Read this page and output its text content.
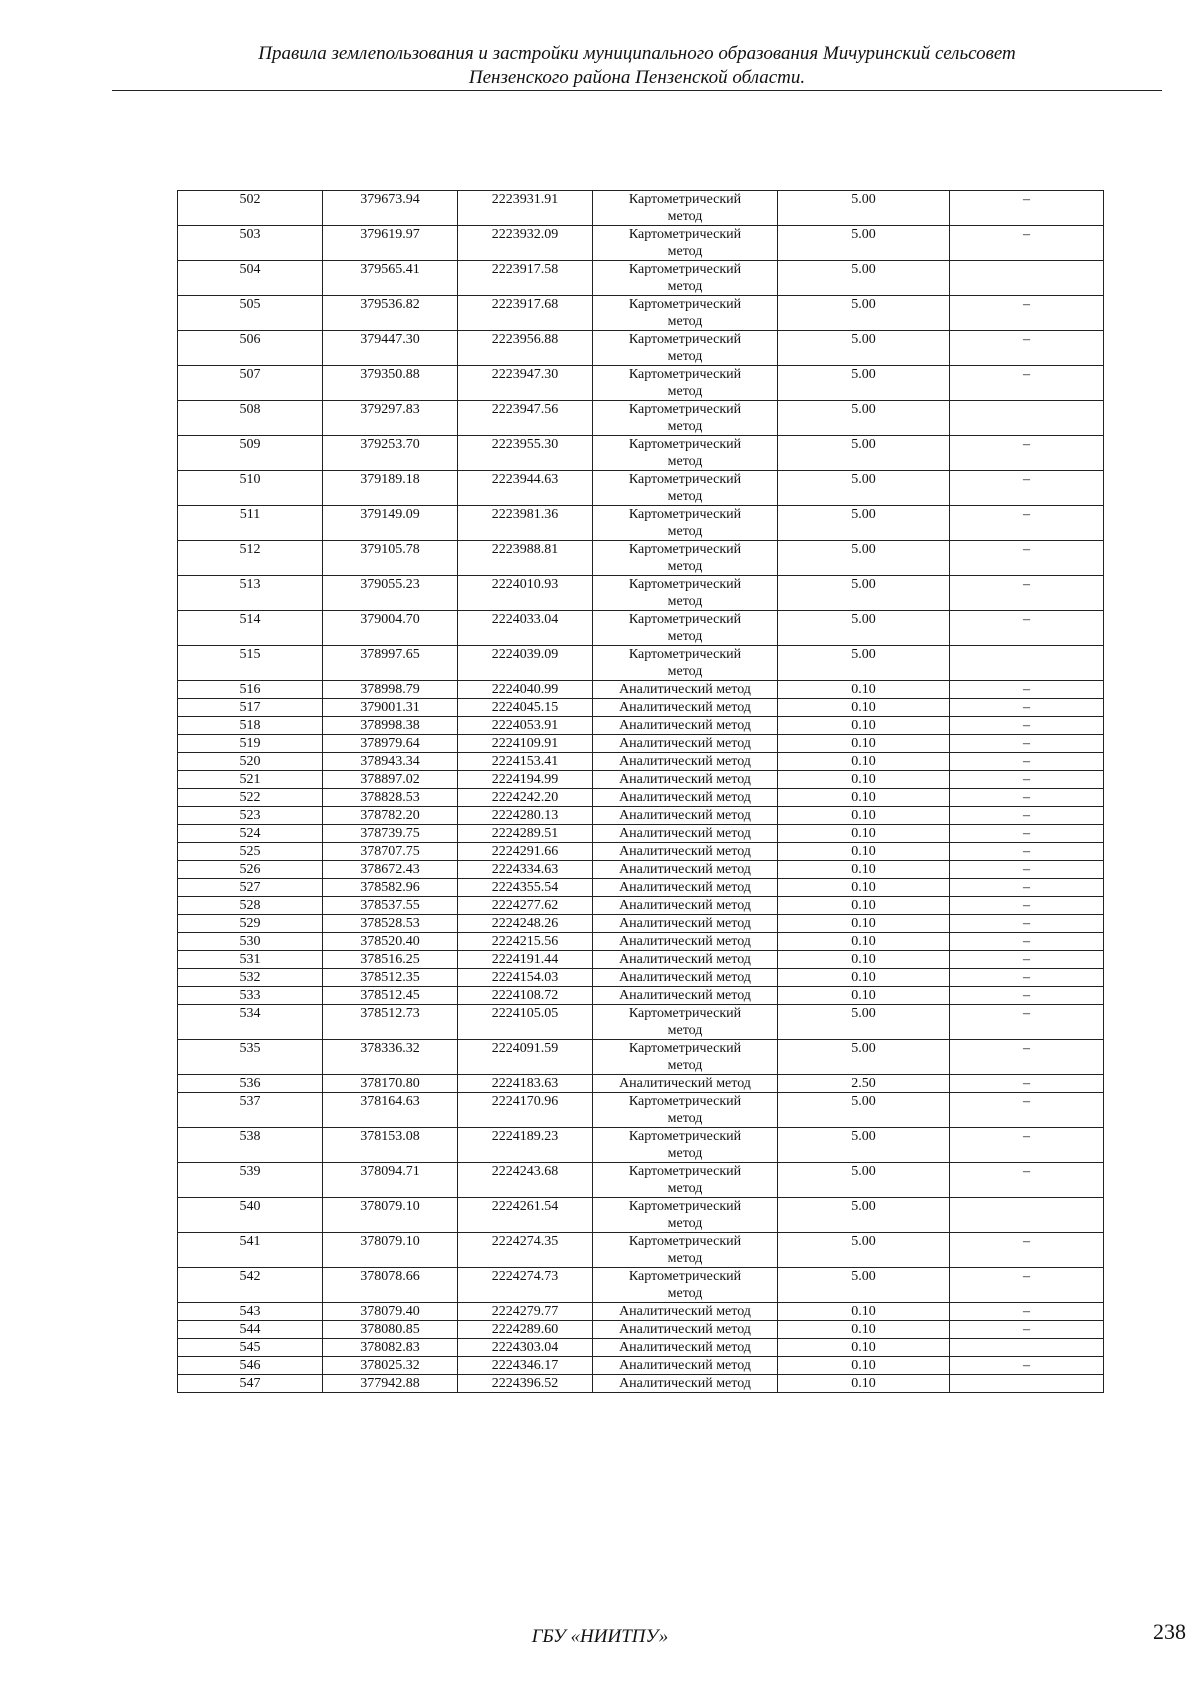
Правила землепользования и застройки муниципального образования Мичуринский сельсовет
Пензенского района Пензенской области.
502	379673.94	2223931.91	Картометрический
метод	5.00	–
503	379619.97	2223932.09	Картометрический
метод	5.00	–
504	379565.41	2223917.58	Картометрический
метод	5.00	
505	379536.82	2223917.68	Картометрический
метод	5.00	–
506	379447.30	2223956.88	Картометрический
метод	5.00	–
507	379350.88	2223947.30	Картометрический
метод	5.00	–
508	379297.83	2223947.56	Картометрический
метод	5.00	
509	379253.70	2223955.30	Картометрический
метод	5.00	–
510	379189.18	2223944.63	Картометрический
метод	5.00	–
511	379149.09	2223981.36	Картометрический
метод	5.00	–
512	379105.78	2223988.81	Картометрический
метод	5.00	–
513	379055.23	2224010.93	Картометрический
метод	5.00	–
514	379004.70	2224033.04	Картометрический
метод	5.00	–
515	378997.65	2224039.09	Картометрический
метод	5.00	
516	378998.79	2224040.99	Аналитический метод	0.10	–
517	379001.31	2224045.15	Аналитический метод	0.10	–
518	378998.38	2224053.91	Аналитический метод	0.10	–
519	378979.64	2224109.91	Аналитический метод	0.10	–
520	378943.34	2224153.41	Аналитический метод	0.10	–
521	378897.02	2224194.99	Аналитический метод	0.10	–
522	378828.53	2224242.20	Аналитический метод	0.10	–
523	378782.20	2224280.13	Аналитический метод	0.10	–
524	378739.75	2224289.51	Аналитический метод	0.10	–
525	378707.75	2224291.66	Аналитический метод	0.10	–
526	378672.43	2224334.63	Аналитический метод	0.10	–
527	378582.96	2224355.54	Аналитический метод	0.10	–
528	378537.55	2224277.62	Аналитический метод	0.10	–
529	378528.53	2224248.26	Аналитический метод	0.10	–
530	378520.40	2224215.56	Аналитический метод	0.10	–
531	378516.25	2224191.44	Аналитический метод	0.10	–
532	378512.35	2224154.03	Аналитический метод	0.10	–
533	378512.45	2224108.72	Аналитический метод	0.10	–
534	378512.73	2224105.05	Картометрический
метод	5.00	–
535	378336.32	2224091.59	Картометрический
метод	5.00	–
536	378170.80	2224183.63	Аналитический метод	2.50	–
537	378164.63	2224170.96	Картометрический
метод	5.00	–
538	378153.08	2224189.23	Картометрический
метод	5.00	–
539	378094.71	2224243.68	Картометрический
метод	5.00	–
540	378079.10	2224261.54	Картометрический
метод	5.00	
541	378079.10	2224274.35	Картометрический
метод	5.00	–
542	378078.66	2224274.73	Картометрический
метод	5.00	–
543	378079.40	2224279.77	Аналитический метод	0.10	–
544	378080.85	2224289.60	Аналитический метод	0.10	–
545	378082.83	2224303.04	Аналитический метод	0.10	
546	378025.32	2224346.17	Аналитический метод	0.10	–
547	377942.88	2224396.52	Аналитический метод	0.10	
ГБУ «НИИТПУ»	238
